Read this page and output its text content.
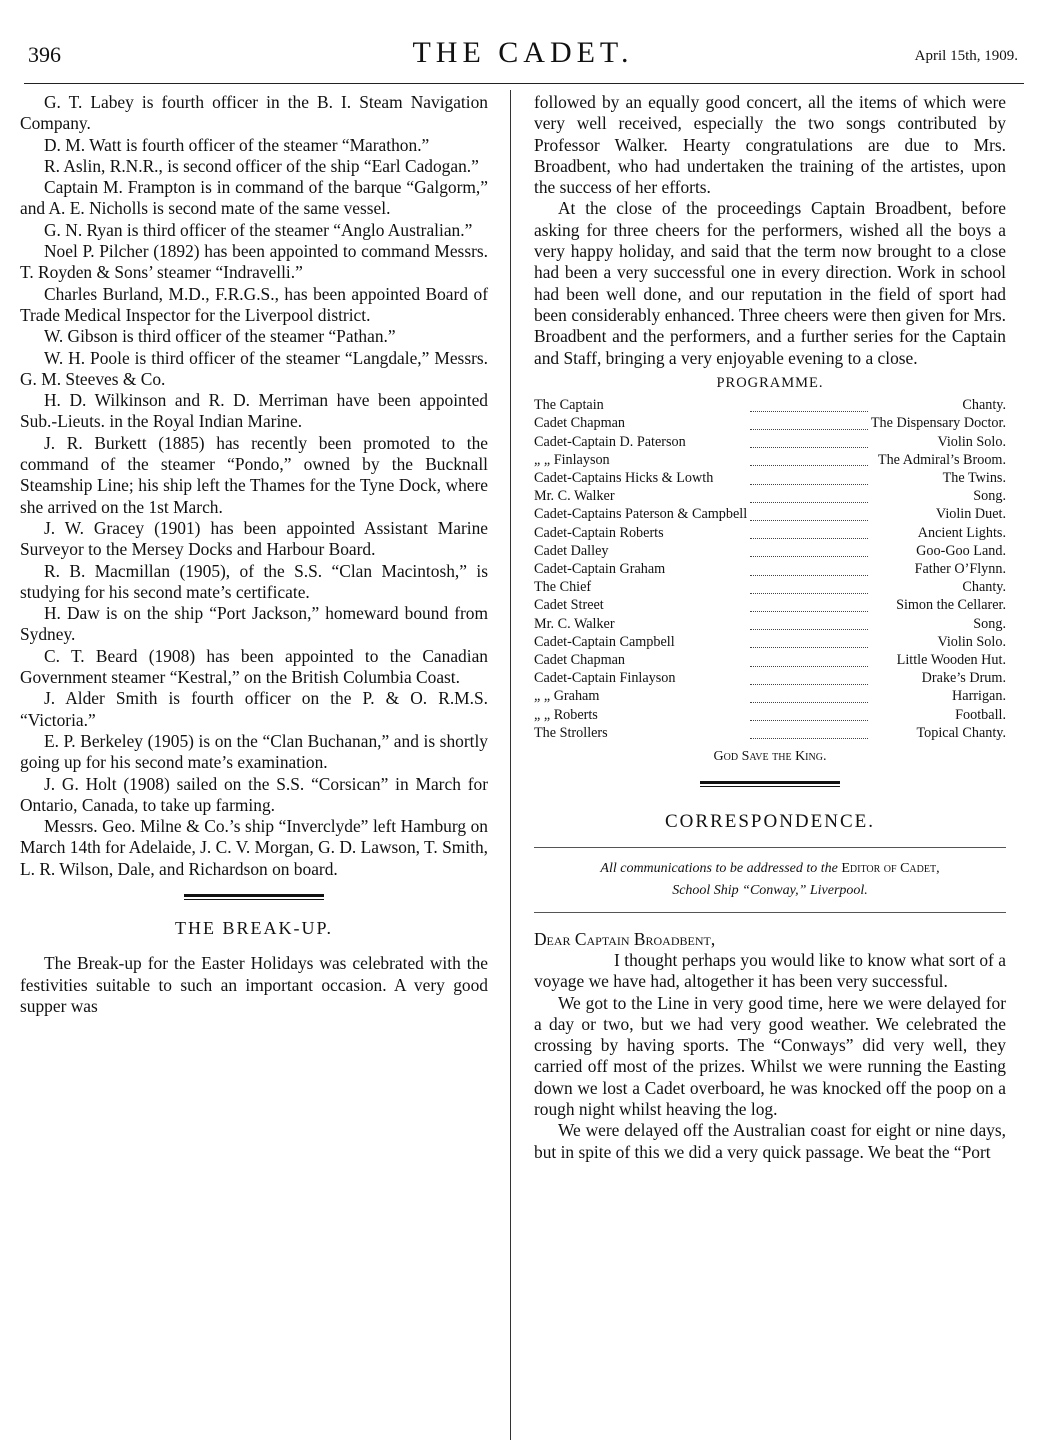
396	THE CADET.	April 15th, 1909.

G. T. Labey is fourth officer in the B. I. Steam Navigation Company.

D. M. Watt is fourth officer of the steamer “Marathon.”

R. Aslin, R.N.R., is second officer of the ship “Earl Cadogan.”

Captain M. Frampton is in command of the barque “Galgorm,” and A. E. Nicholls is second mate of the same vessel.

G. N. Ryan is third officer of the steamer “Anglo Australian.”

Noel P. Pilcher (1892) has been appointed to command Messrs. T. Royden & Sons’ steamer “Indravelli.”

Charles Burland, M.D., F.R.G.S., has been appointed Board of Trade Medical Inspector for the Liverpool district.

W. Gibson is third officer of the steamer “Pathan.”

W. H. Poole is third officer of the steamer “Langdale,” Messrs. G. M. Steeves & Co.

H. D. Wilkinson and R. D. Merriman have been appointed Sub.-Lieuts. in the Royal Indian Marine.

J. R. Burkett (1885) has recently been promoted to the command of the steamer “Pondo,” owned by the Bucknall Steamship Line; his ship left the Thames for the Tyne Dock, where she arrived on the 1st March.

J. W. Gracey (1901) has been appointed Assistant Marine Surveyor to the Mersey Docks and Harbour Board.

R. B. Macmillan (1905), of the S.S. “Clan Macintosh,” is studying for his second mate’s certificate.

H. Daw is on the ship “Port Jackson,” homeward bound from Sydney.

C. T. Beard (1908) has been appointed to the Canadian Government steamer “Kestral,” on the British Columbia Coast.

J. Alder Smith is fourth officer on the P. & O. R.M.S. “Victoria.”

E. P. Berkeley (1905) is on the “Clan Buchanan,” and is shortly going up for his second mate’s examination.

J. G. Holt (1908) sailed on the S.S. “Corsican” in March for Ontario, Canada, to take up farming.

Messrs. Geo. Milne & Co.’s ship “Inverclyde” left Hamburg on March 14th for Adelaide, J. C. V. Morgan, G. D. Lawson, T. Smith, L. R. Wilson, Dale, and Richardson on board.

THE BREAK-UP.

The Break-up for the Easter Holidays was celebrated with the festivities suitable to such an important occasion. A very good supper was

followed by an equally good concert, all the items of which were very well received, especially the two songs contributed by Professor Walker. Hearty congratulations are due to Mrs. Broadbent, who had undertaken the training of the artistes, upon the success of her efforts.

At the close of the proceedings Captain Broadbent, before asking for three cheers for the performers, wished all the boys a very happy holiday, and said that the term now brought to a close had been a very successful one in every direction. Work in school had been well done, and our reputation in the field of sport had been considerably enhanced. Three cheers were then given for Mrs. Broadbent and the performers, and a further series for the Captain and Staff, bringing a very enjoyable evening to a close.

PROGRAMME.
The Captain		Chanty.
Cadet Chapman		The Dispensary Doctor.
Cadet-Captain D. Paterson		Violin Solo.
„ „ Finlayson		The Admiral’s Broom.
Cadet-Captains Hicks & Lowth		The Twins.
Mr. C. Walker		Song.
Cadet-Captains Paterson & Campbell		Violin Duet.
Cadet-Captain Roberts		Ancient Lights.
Cadet Dalley		Goo-Goo Land.
Cadet-Captain Graham		Father O’Flynn.
The Chief		Chanty.
Cadet Street		Simon the Cellarer.
Mr. C. Walker		Song.
Cadet-Captain Campbell		Violin Solo.
Cadet Chapman		Little Wooden Hut.
Cadet-Captain Finlayson		Drake’s Drum.
„ „ Graham		Harrigan.
„ „ Roberts		Football.
The Strollers		Topical Chanty.
God Save the King.
CORRESPONDENCE.
All communications to be addressed to the Editor of Cadet,
School Ship “Conway,” Liverpool.

Dear Captain Broadbent,

I thought perhaps you would like to know what sort of a voyage we have had, altogether it has been very successful.

We got to the Line in very good time, here we were delayed for a day or two, but we had very good weather. We celebrated the crossing by having sports. The “Conways” did very well, they carried off most of the prizes. Whilst we were running the Easting down we lost a Cadet overboard, he was knocked off the poop on a rough night whilst heaving the log.

We were delayed off the Australian coast for eight or nine days, but in spite of this we did a very quick passage. We beat the “Port
